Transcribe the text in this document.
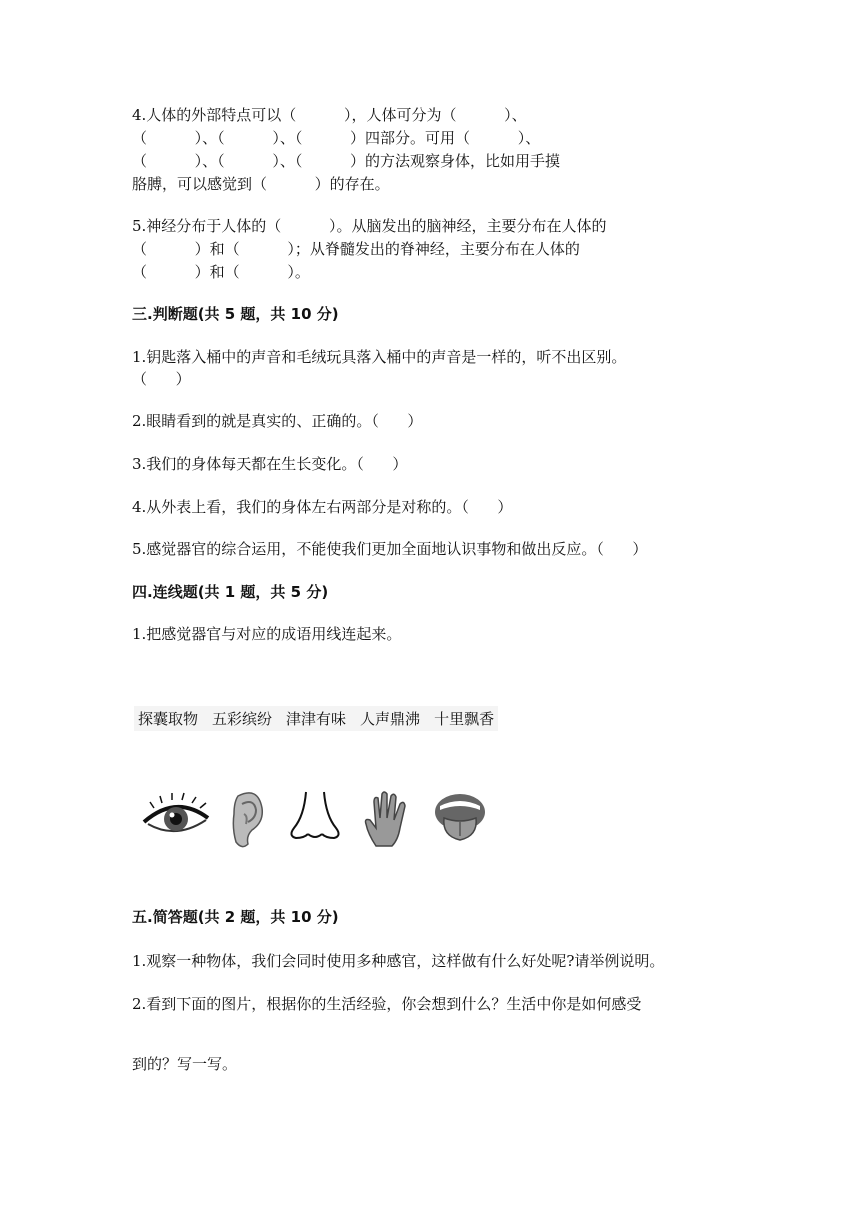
4.人体的外部特点可以（          ），人体可分为（          ）、
（          ）、（          ）、（          ）四部分。可用（          ）、
（          ）、（          ）、（          ）的方法观察身体，比如用手摸
胳膊，可以感觉到（          ）的存在。
5.神经分布于人体的（          ）。从脑发出的脑神经，主要分布在人体的
（          ）和（          ）；从脊髓发出的脊神经，主要分布在人体的
（          ）和（          ）。
三.判断题(共 5 题，共 10 分)
1.钥匙落入桶中的声音和毛绒玩具落入桶中的声音是一样的，听不出区别。
（      ）
2.眼睛看到的就是真实的、正确的。（      ）
3.我们的身体每天都在生长变化。（      ）
4.从外表上看，我们的身体左右两部分是对称的。（      ）
5.感觉器官的综合运用，不能使我们更加全面地认识事物和做出反应。（      ）
四.连线题(共 1 题，共 5 分)
1.把感觉器官与对应的成语用线连起来。
探囊取物 五彩缤纷 津津有味 人声鼎沸 十里飘香
五.简答题(共 2 题，共 10 分)
1.观察一种物体，我们会同时使用多种感官，这样做有什么好处呢?请举例说明。
2.看到下面的图片，根据你的生活经验，你会想到什么？生活中你是如何感受
到的？写一写。
